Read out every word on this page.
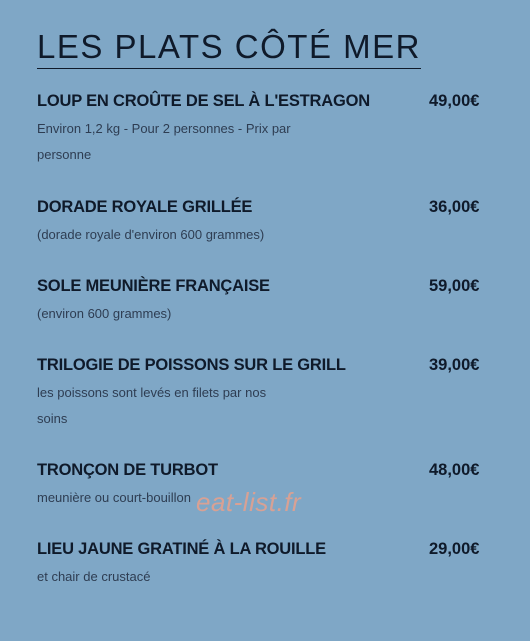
LES PLATS CÔTÉ MER
LOUP EN CROÛTE DE SEL À L'ESTRAGON	49,00€
Environ 1,2 kg - Pour 2 personnes - Prix par personne
DORADE ROYALE GRILLÉE	36,00€
(dorade royale d'environ 600 grammes)
SOLE MEUNIÈRE FRANÇAISE	59,00€
(environ 600 grammes)
TRILOGIE DE POISSONS SUR LE GRILL	39,00€
les poissons sont levés en filets par nos soins
TRONÇON DE TURBOT	48,00€
meunière ou court-bouillon
LIEU JAUNE GRATINÉ À LA ROUILLE	29,00€
et chair de crustacé
eat-list.fr
